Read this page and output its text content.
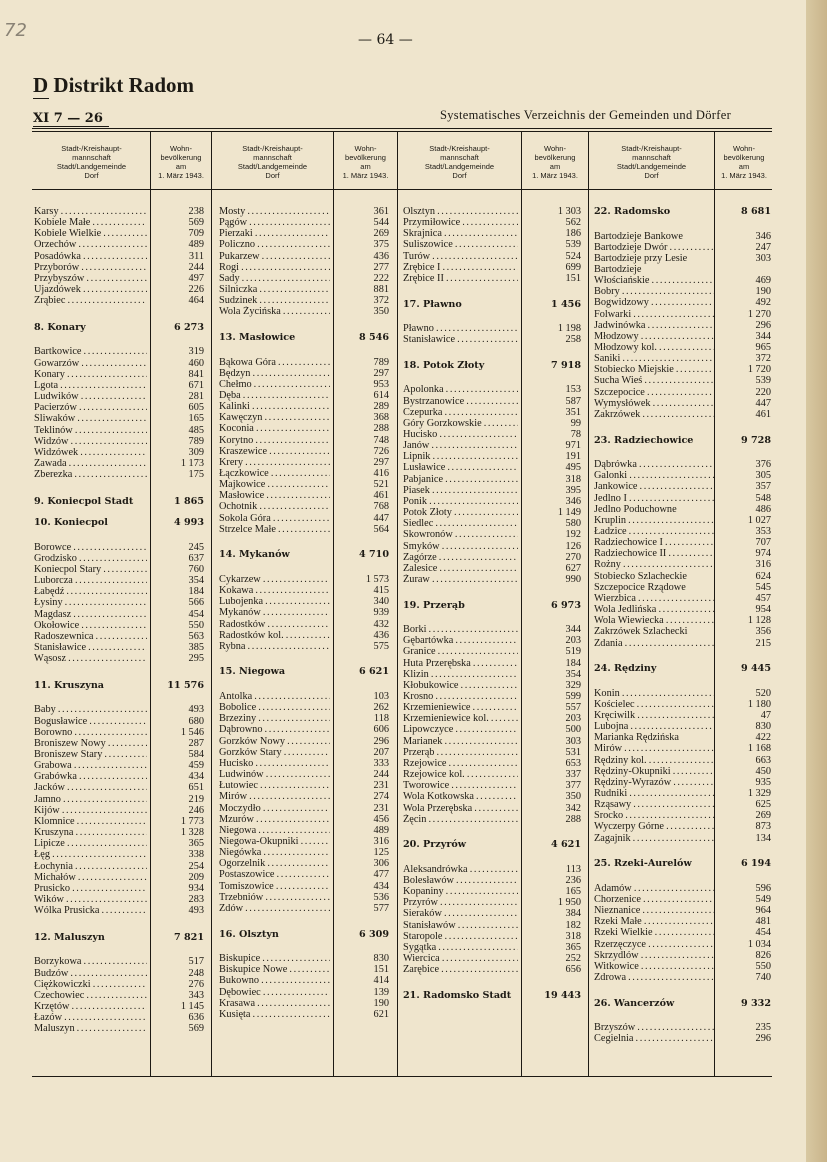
72	— 64 —
D Distrikt Radom
XI 7 — 26	Systematisches Verzeichnis der Gemeinden und Dörfer
Stadt-/Kreishaupt-
mannschaft
Stadt/Landgemeinde
Dorf
Wohn-
bevölkerung
am
1. März 1943.
Stadt-/Kreishaupt-
mannschaft
Stadt/Landgemeinde
Dorf
Wohn-
bevölkerung
am
1. März 1943.
Stadt-/Kreishaupt-
mannschaft
Stadt/Landgemeinde
Dorf
Wohn-
bevölkerung
am
1. März 1943.
Stadt-/Kreishaupt-
mannschaft
Stadt/Landgemeinde
Dorf
Wohn-
bevölkerung
am
1. März 1943.
Karsy . . .	238
Kobiele Małe . . .	569
Kobiele Wielkie . . .	709
Orzechów . . .	489
Posadówka . . .	311
Przyborów . . .	244
Przybyszów . . .	497
Ujazdówek . . .	226
Zrąbiec . . .	464
8. Konary	6 273
Bartkowice . . .	319
Gowarzów . . .	460
Konary . . .	841
Lgota . . .	671
Ludwików . . .	281
Pacierzów . . .	605
Śliwaków . . .	165
Teklinów . . .	485
Widzów . . .	789
Widzówek . . .	309
Zawada . . .	1 173
Zberezka . . .	175
9. Koniecpol Stadt	1 865
10. Koniecpol	4 993
Borowce . . .	245
Grodzisko . . .	637
Koniecpol Stary . . .	760
Luborcza . . .	354
Łabędź . . .	184
Łysiny . . .	566
Magdasz . . .	454
Okołowice . . .	550
Radoszewnica . . .	563
Stanisławice . . .	385
Wąsosz . . .	295
11. Kruszyna	11 576
Baby . . .	493
Bogusławice . . .	680
Borowno . . .	1 546
Broniszew Nowy . . .	287
Broniszew Stary . . .	584
Grabowa . . .	459
Grabówka . . .	434
Jacków . . .	651
Jamno . . .	219
Kijów . . .	246
Klomnice . . .	1 773
Kruszyna . . .	1 328
Lipicze . . .	365
Łęg . . .	338
Łochynia . . .	254
Michałów . . .	209
Prusicko . . .	934
Wików . . .	283
Wólka Prusicka . . .	493
12. Maluszyn	7 821
Borzykowa . . .	517
Budzów . . .	248
Ciężkowiczki . . .	276
Czechowiec . . .	343
Krzętów . . .	1 145
Łazów . . .	636
Maluszyn . . .	569
Mosty . . .	361
Pągów . . .	544
Pierzaki . . .	269
Policzno . . .	375
Pukarzew . . .	436
Rogi . . .	277
Sady . . .	222
Silniczka . . .	881
Sudzinek . . .	372
Wola Życińska . . .	350
13. Masłowice	8 546
Bąkowa Góra . . .	789
Będzyn . . .	297
Chełmo . . .	953
Dęba . . .	614
Kalinki . . .	289
Kawęczyn . . .	368
Koconia . . .	288
Korytno . . .	748
Kraszewice . . .	726
Krery . . .	297
Łączkowice . . .	416
Majkowice . . .	521
Masłowice . . .	461
Ochotnik . . .	768
Sokola Góra . . .	447
Strzelce Małe . . .	564
14. Mykanów	4 710
Cykarzew . . .	1 573
Kokawa . . .	415
Lubojenka . . .	340
Mykanów . . .	939
Radostków . . .	432
Radostków kol. . . .	436
Rybna . . .	575
15. Niegowa	6 621
Antolka . . .	103
Bobolice . . .	262
Brzeziny . . .	118
Dąbrowno . . .	606
Gorzków Nowy . . .	296
Gorzków Stary . . .	207
Hucisko . . .	333
Ludwinów . . .	244
Łutowiec . . .	231
Mirów . . .	274
Moczydło . . .	231
Mzurów . . .	456
Niegowa . . .	489
Niegowa-Okupniki . . .	316
Niegówka . . .	125
Ogorzelnik . . .	306
Postaszowice . . .	477
Tomiszowice . . .	434
Trzebniów . . .	536
Zdów . . .	577
16. Olsztyn	6 309
Biskupice . . .	830
Biskupice Nowe . . .	151
Bukowno . . .	414
Dębowiec . . .	139
Krasawa . . .	190
Kusięta . . .	621
Olsztyn . . .	1 303
Przymiłowice . . .	562
Skrajnica . . .	186
Suliszowice . . .	539
Turów . . .	524
Zrębice I . . .	699
Zrębice II . . .	151
17. Pławno	1 456
Pławno . . .	1 198
Stanisławice . . .	258
18. Potok Złoty	7 918
Apolonka . . .	153
Bystrzanowice . . .	587
Czepurka . . .	351
Góry Gorzkowskie . . .	99
Hucisko . . .	78
Janów . . .	971
Lipnik . . .	191
Lusławice . . .	495
Pabjanice . . .	318
Piasek . . .	395
Ponik . . .	346
Potok Złoty . . .	1 149
Siedlec . . .	580
Skowronów . . .	192
Smyków . . .	126
Zagórze . . .	270
Zalesice . . .	627
Żuraw . . .	990
19. Przerąb	6 973
Borki . . .	344
Gębartówka . . .	203
Granice . . .	519
Huta Przerębska . . .	184
Klizin . . .	354
Kłobukowice . . .	329
Krosno . . .	599
Krzemieniewice . . .	557
Krzemieniewice kol. . . .	203
Lipowczyce . . .	500
Marianek . . .	303
Przerąb . . .	531
Rzejowice . . .	653
Rzejowice kol. . . .	337
Tworowice . . .	377
Wola Kotkowska . . .	350
Wola Przerębska . . .	342
Żęcin . . .	288
20. Przyrów	4 621
Aleksandrówka . . .	113
Bolesławów . . .	236
Kopaniny . . .	165
Przyrów . . .	1 950
Sieraków . . .	384
Stanisławów . . .	182
Staropole . . .	318
Sygątka . . .	365
Wiercica . . .	252
Zarębice . . .	656
21. Radomsko Stadt	19 443
22. Radomsko	8 681
Bartodzieje Bankowe	346
Bartodzieje Dwór . . .	247
Bartodzieje przy Lesie	303
Bartodzieje
Włościańskie . . .	469
Bobry . . .	190
Bogwidzowy . . .	492
Folwarki . . .	1 270
Jadwinówka . . .	296
Młodzowy . . .	344
Młodzowy kol. . . .	965
Saniki . . .	372
Stobiecko Miejskie . . .	1 720
Sucha Wieś . . .	539
Szczepocice . . .	220
Wymysłówek . . .	447
Zakrzówek . . .	461
23. Radziechowice	9 728
Dąbrówka . . .	376
Galonki . . .	305
Jankowice . . .	357
Jedlno I . . .	548
Jedlno Poduchowne	486
Kruplin . . .	1 027
Ładzice . . .	353
Radziechowice I . . .	707
Radziechowice II . . .	974
Rożny . . .	316
Stobiecko Szlacheckie	624
Szczepocice Rządowe	545
Wierzbica . . .	457
Wola Jedlińska . . .	954
Wola Wiewiecka . . .	1 128
Zakrzówek Szlachecki	356
Zdania . . .	215
24. Rędziny	9 445
Konin . . .	520
Kościelec . . .	1 180
Kręciwilk . . .	47
Lubojna . . .	830
Marianka Rędzińska	422
Mirów . . .	1 168
Rędziny kol. . . .	663
Rędziny-Okupniki . . .	450
Rędziny-Wyrazów . . .	935
Rudniki . . .	1 329
Rząsawy . . .	625
Srocko . . .	269
Wyczerpy Górne . . .	873
Zagajnik . . .	134
25. Rzeki-Aurelów	6 194
Adamów . . .	596
Chorzenice . . .	549
Nieznanice . . .	964
Rzeki Małe . . .	481
Rzeki Wielkie . . .	454
Rzerzęczyce . . .	1 034
Skrzydlów . . .	826
Witkowice . . .	550
Zdrowa . . .	740
26. Wancerzów	9 332
Brzyszów . . .	235
Cegielnia . . .	296
